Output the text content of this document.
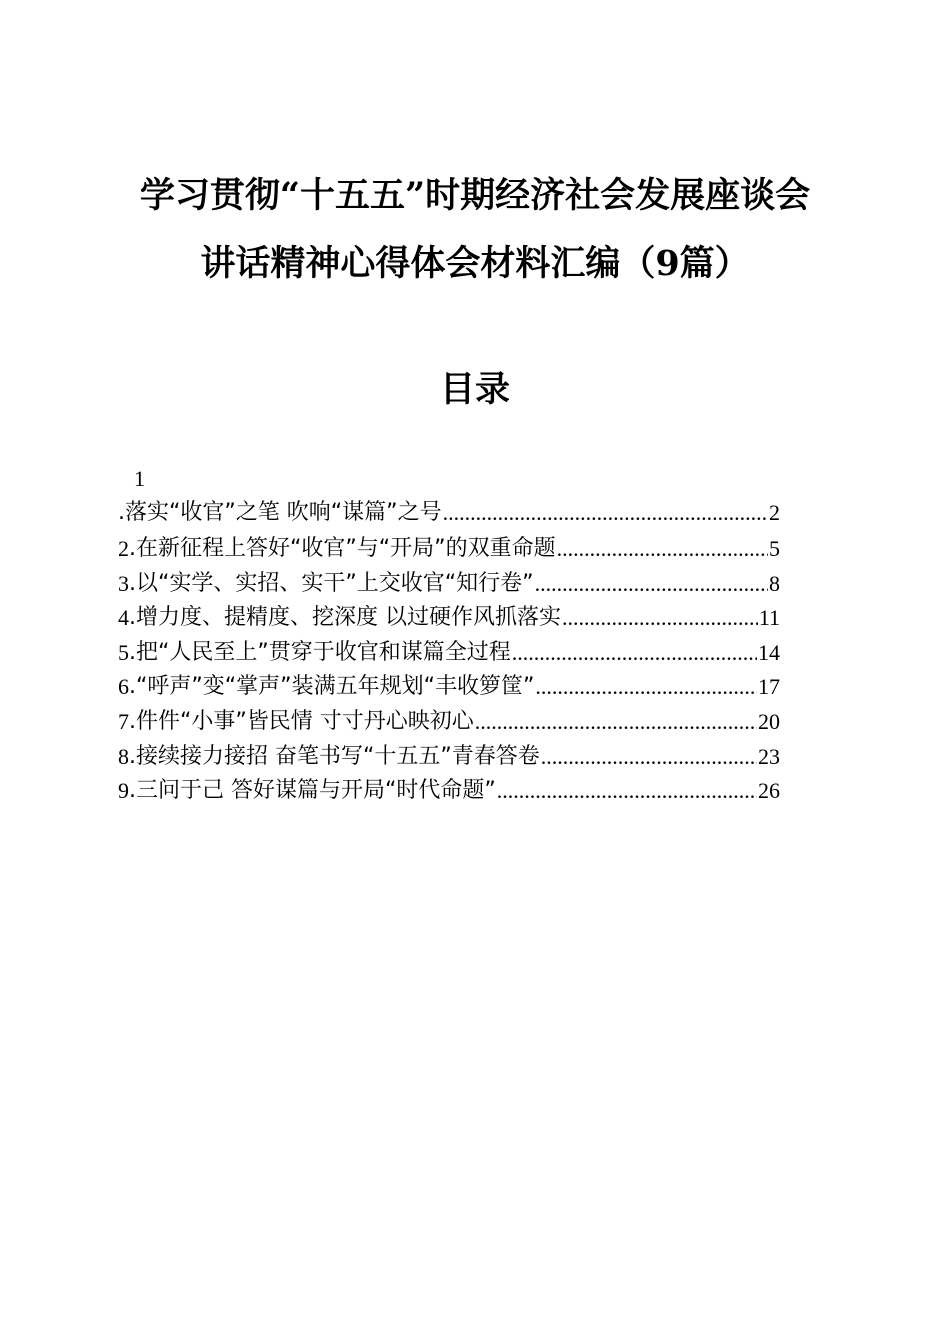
学习贯彻“十五五”时期经济社会发展座谈会
讲话精神心得体会材料汇编（9篇）
目录
1
.落实“收官”之笔 吹响“谋篇”之号 .....	2
2 .在新征程上答好“收官”与“开局”的双重命题 .....	5
3 .以“实学、实招、实干”上交收官“知行卷” .....	8
4 .增力度、提精度、挖深度 以过硬作风抓落实 .....	11
5 .把“人民至上”贯穿于收官和谋篇全过程 .....	14
6 .“呼声”变“掌声”装满五年规划“丰收箩筐” .....	17
7 .件件“小事”皆民情 寸寸丹心映初心 .....	20
8 .接续接力接招 奋笔书写“十五五”青春答卷 .....	23
9 .三问于己 答好谋篇与开局“时代命题” .....	26
